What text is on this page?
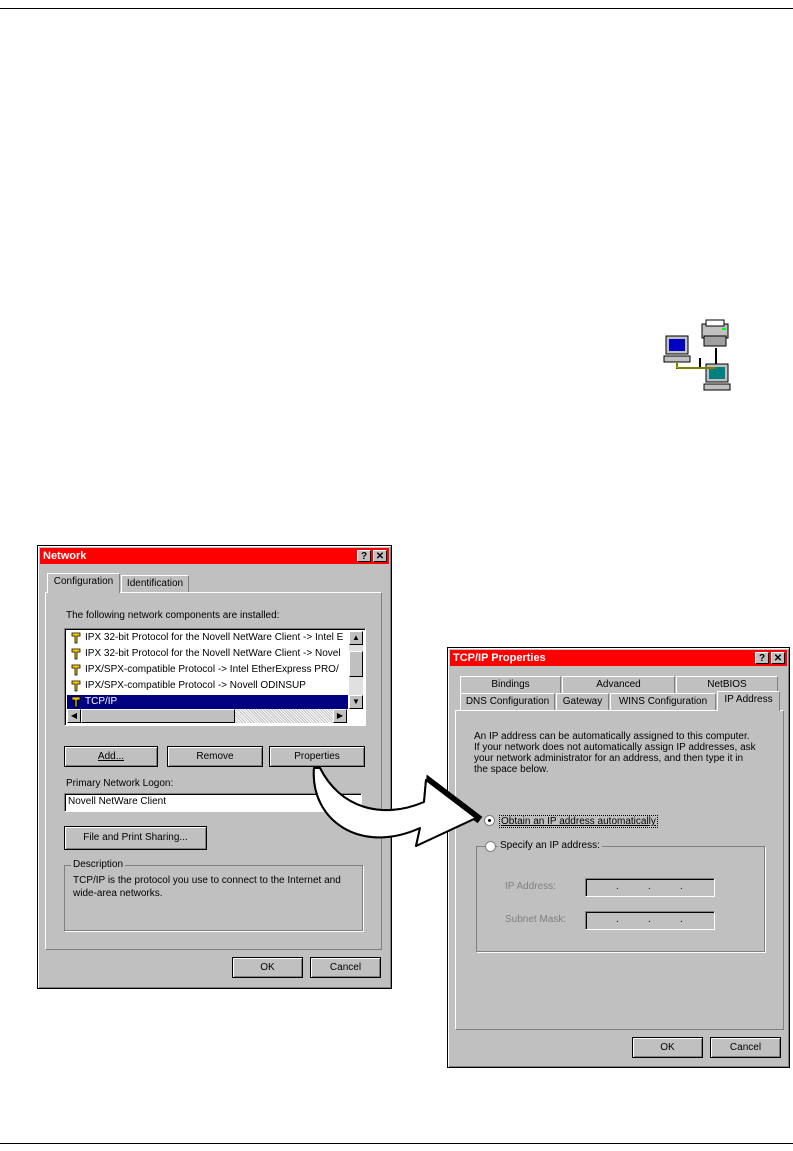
Network	? ✕
Configuration	Identification
The following network components are installed:
IPX 32-bit Protocol for the Novell NetWare Client -> Intel E
IPX 32-bit Protocol for the Novell NetWare Client -> Novel
IPX/SPX-compatible Protocol -> Intel EtherExpress PRO/
IPX/SPX-compatible Protocol -> Novell ODINSUP
TCP/IP
▲
▼
◀	▶
Add...	Remove	Properties
Primary Network Logon:
Novell NetWare Client
File and Print Sharing...
Description
TCP/IP is the protocol you use to connect to the Internet and wide-area networks.
OK	Cancel
TCP/IP Properties	? ✕
Bindings	Advanced	NetBIOS
DNS Configuration	Gateway	WINS Configuration	IP Address
An IP address can be automatically assigned to this computer.
If your network does not automatically assign IP addresses, ask
your network administrator for an address, and then type it in
the space below.
Obtain an IP address automatically
Specify an IP address:
IP Address:	.	.	.
Subnet Mask:	.	.	.
OK	Cancel
